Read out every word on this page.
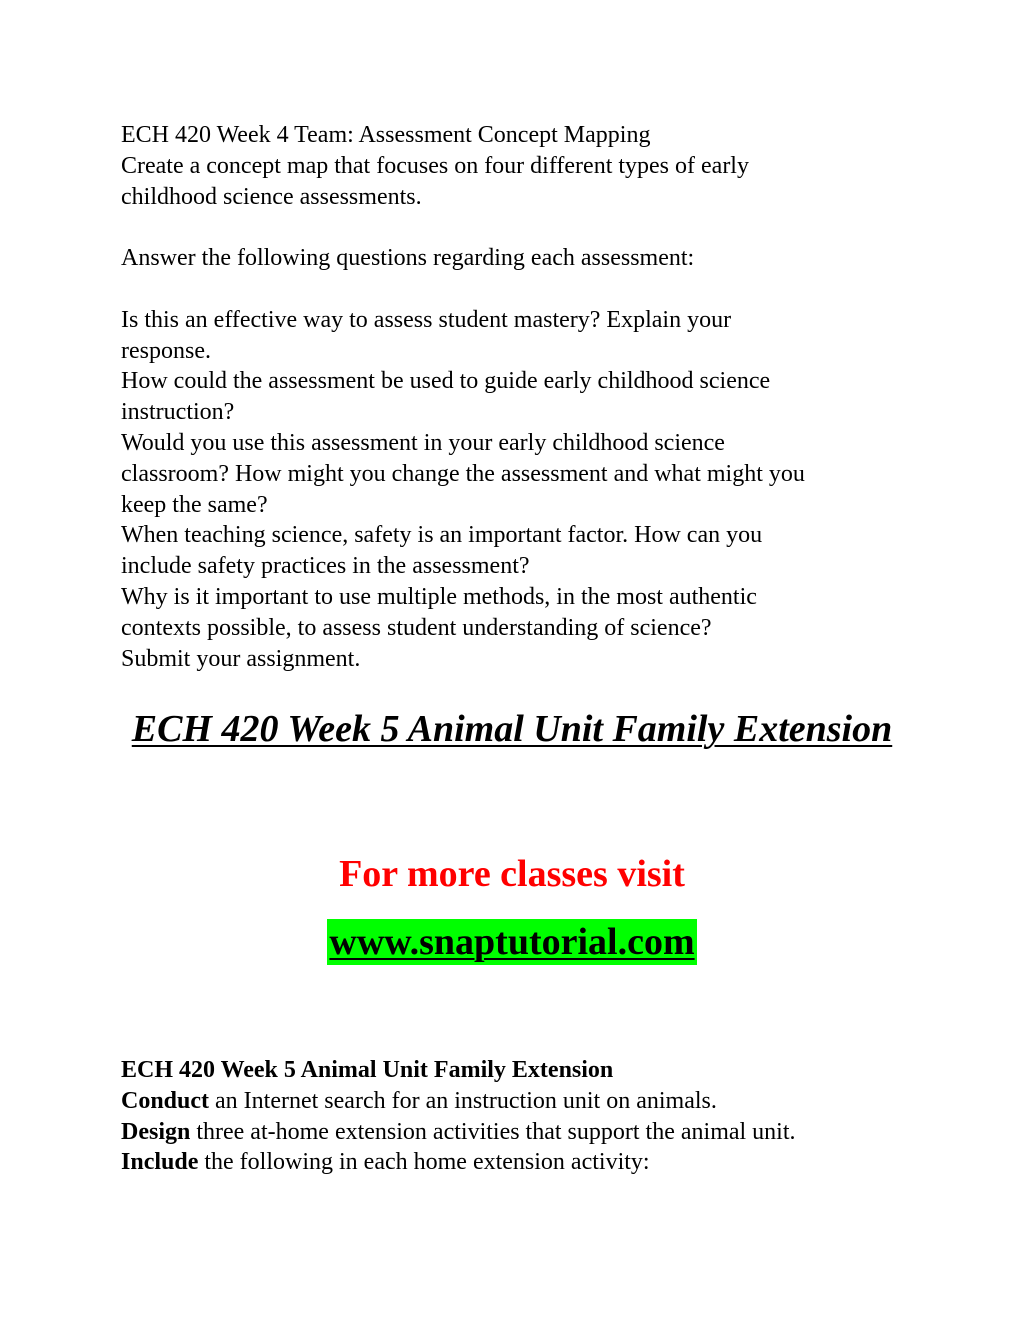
ECH 420 Week 4 Team: Assessment Concept Mapping
Create a concept map that focuses on four different types of early
childhood science assessments.
Answer the following questions regarding each assessment:
Is this an effective way to assess student mastery? Explain your
response.
How could the assessment be used to guide early childhood science
instruction?
Would you use this assessment in your early childhood science
classroom? How might you change the assessment and what might you
keep the same?
When teaching science, safety is an important factor. How can you
include safety practices in the assessment?
Why is it important to use multiple methods, in the most authentic
contexts possible, to assess student understanding of science?
Submit your assignment.
ECH 420 Week 5 Animal Unit Family Extension
For more classes visit
www.snaptutorial.com
ECH 420 Week 5 Animal Unit Family Extension
Conduct an Internet search for an instruction unit on animals.
Design three at-home extension activities that support the animal unit.
Include the following in each home extension activity:
